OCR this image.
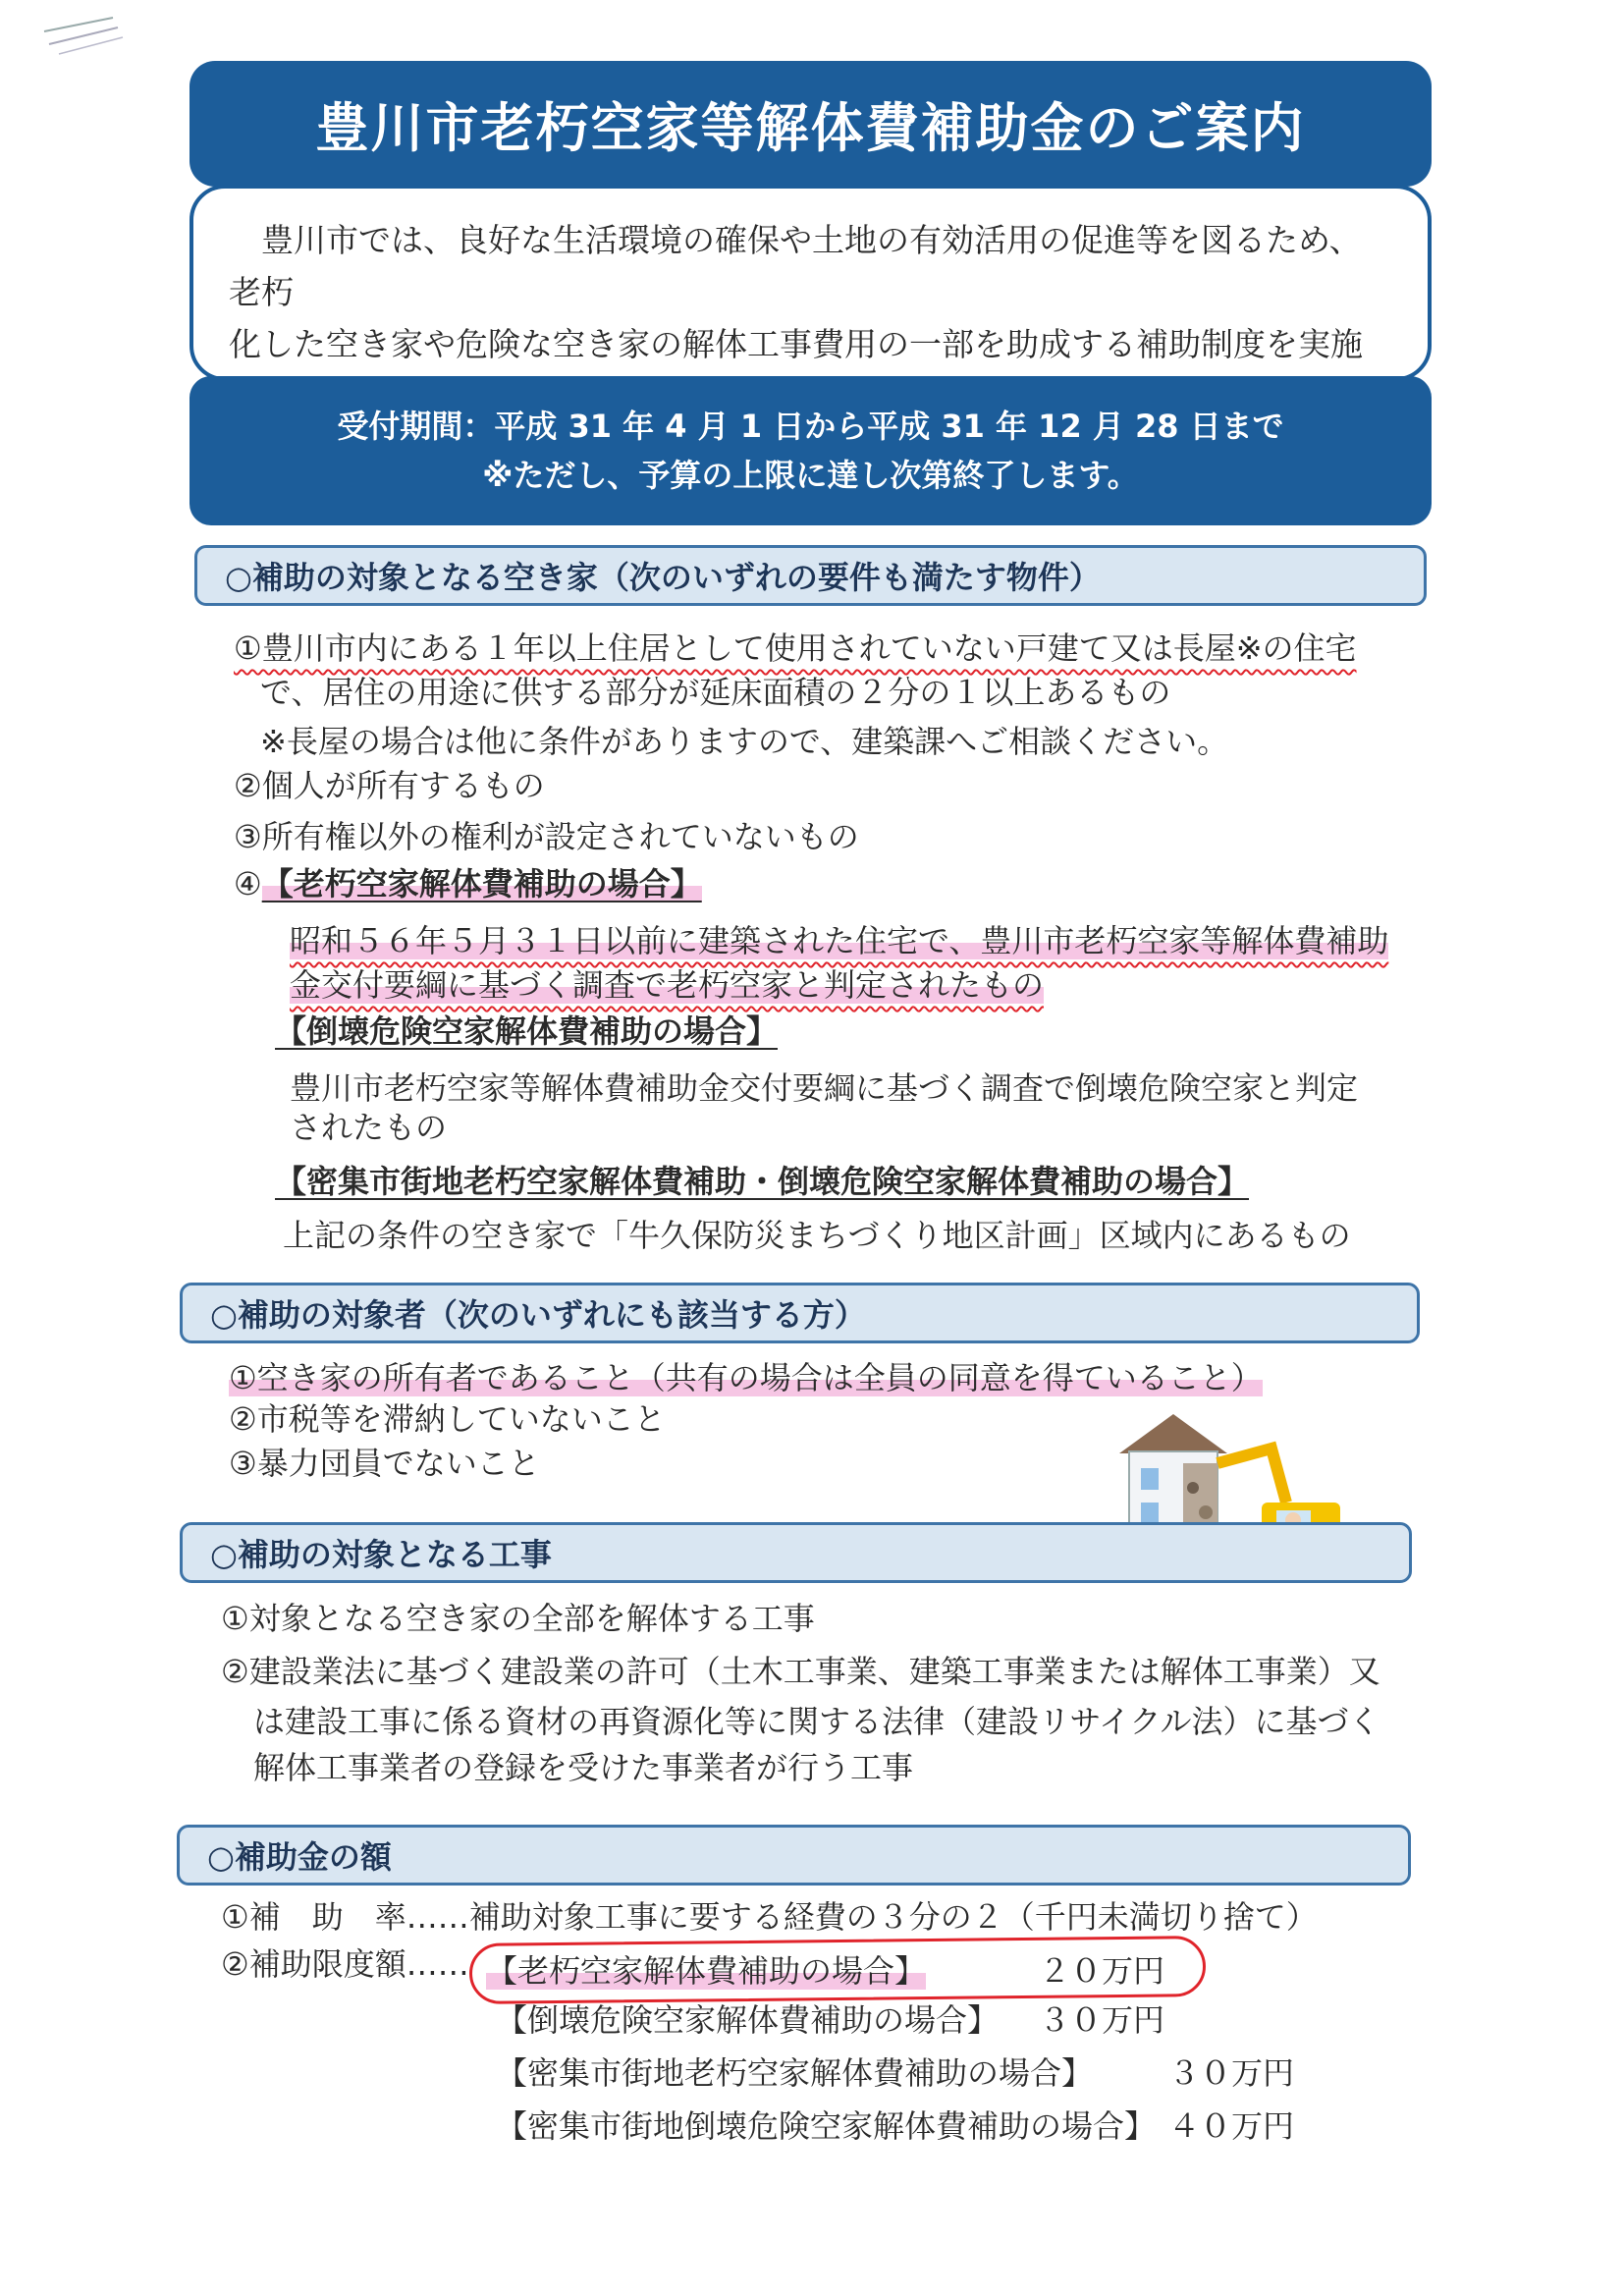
豊川市老朽空家等解体費補助金のご案内
豊川市では、良好な生活環境の確保や土地の有効活用の促進等を図るため、老朽
化した空き家や危険な空き家の解体工事費用の一部を助成する補助制度を実施
受付期間：平成 31 年 4 月 1 日から平成 31 年 12 月 28 日まで
※ただし、予算の上限に達し次第終了します。
○補助の対象となる空き家（次のいずれの要件も満たす物件）
①豊川市内にある１年以上住居として使用されていない戸建て又は長屋※の住宅
で、居住の用途に供する部分が延床面積の２分の１以上あるもの
※長屋の場合は他に条件がありますので、建築課へご相談ください。
②個人が所有するもの
③所有権以外の権利が設定されていないもの
④【老朽空家解体費補助の場合】
昭和５６年５月３１日以前に建築された住宅で、豊川市老朽空家等解体費補助
金交付要綱に基づく調査で老朽空家と判定されたもの
【倒壊危険空家解体費補助の場合】
豊川市老朽空家等解体費補助金交付要綱に基づく調査で倒壊危険空家と判定
されたもの
【密集市街地老朽空家解体費補助・倒壊危険空家解体費補助の場合】
上記の条件の空き家で「牛久保防災まちづくり地区計画」区域内にあるもの
○補助の対象者（次のいずれにも該当する方）
①空き家の所有者であること（共有の場合は全員の同意を得ていること）
②市税等を滞納していないこと
③暴力団員でないこと
○補助の対象となる工事
①対象となる空き家の全部を解体する工事
②建設業法に基づく建設業の許可（土木工事業、建築工事業または解体工事業）又
は建設工事に係る資材の再資源化等に関する法律（建設リサイクル法）に基づく
解体工事業者の登録を受けた事業者が行う工事
○補助金の額
①補　助　率……補助対象工事に要する経費の３分の２（千円未満切り捨て）
②補助限度額…… 【老朽空家解体費補助の場合】	２０万円
【倒壊危険空家解体費補助の場合】 ３０万円
【密集市街地老朽空家解体費補助の場合】 ３０万円
【密集市街地倒壊危険空家解体費補助の場合】 ４０万円
